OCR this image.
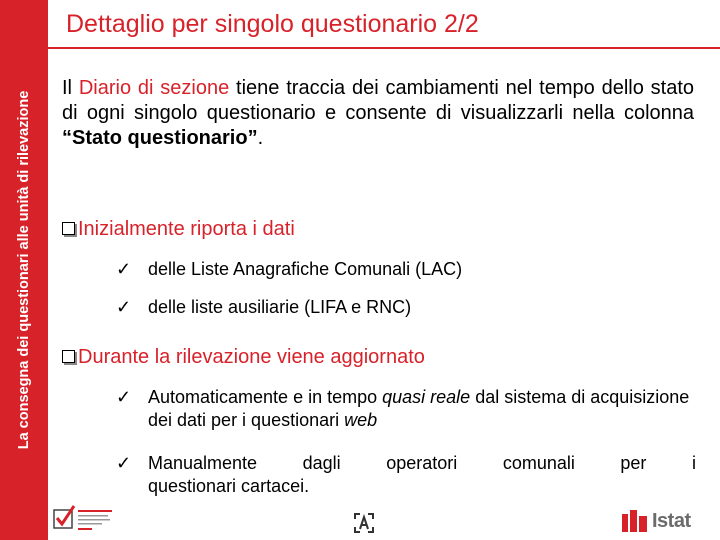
La consegna dei questionari alle unità di rilevazione
Dettaglio per singolo questionario 2/2
Il Diario di sezione tiene traccia dei cambiamenti nel tempo dello stato di ogni singolo questionario e consente di visualizzarli nella colonna “Stato questionario”.
Inizialmente riporta i dati
✓ delle Liste Anagrafiche Comunali (LAC)
✓ delle liste ausiliarie (LIFA e RNC)
Durante la rilevazione viene aggiornato
✓ Automaticamente e in tempo quasi reale dal sistema di acquisizione dei dati per i questionari web
✓ Manualmente dagli operatori comunali per i
questionari cartacei.
Istat
